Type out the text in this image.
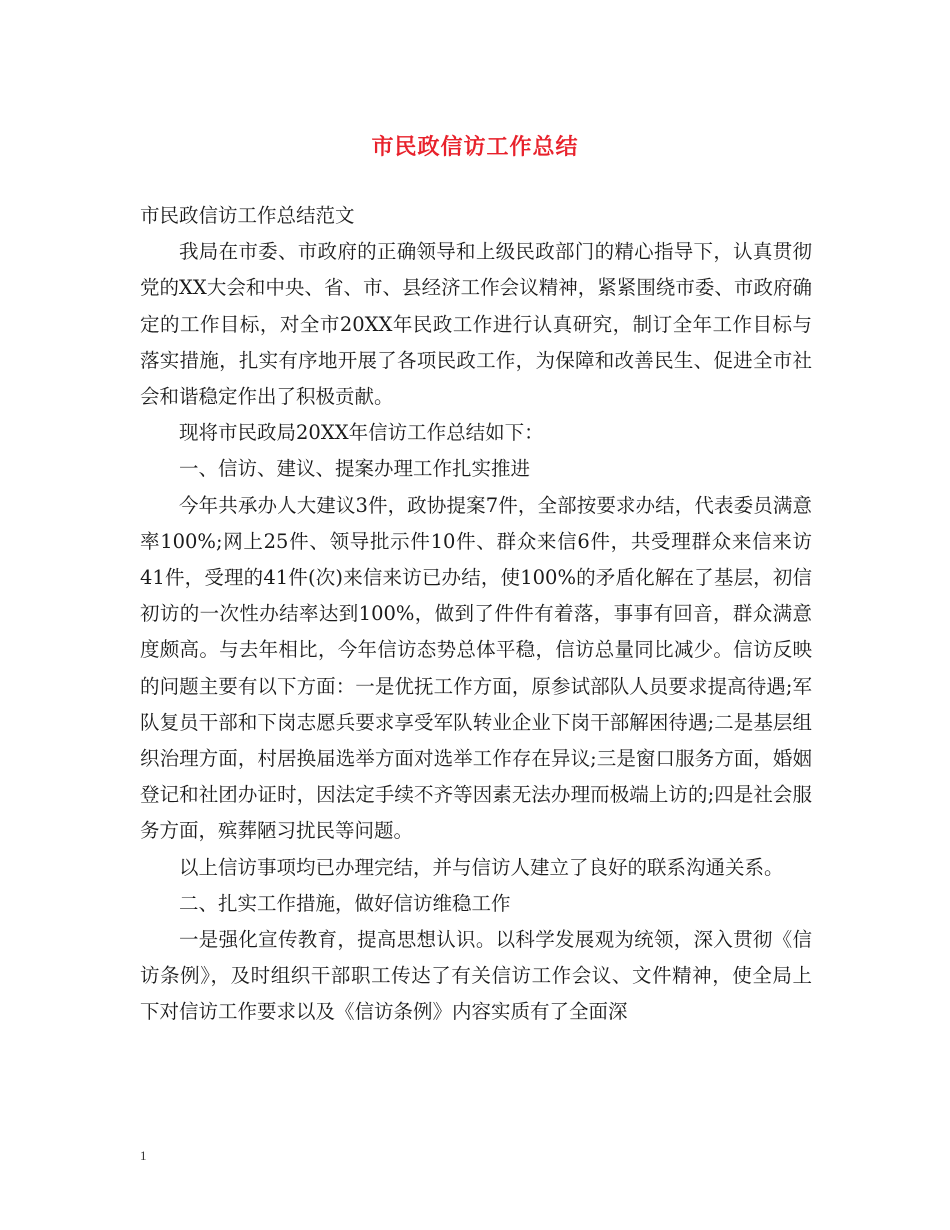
市民政信访工作总结

市民政信访工作总结范文

我局在市委、市政府的正确领导和上级民政部门的精心指导下，认真贯彻党的XX大会和中央、省、市、县经济工作会议精神，紧紧围绕市委、市政府确定的工作目标，对全市20XX年民政工作进行认真研究，制订全年工作目标与落实措施，扎实有序地开展了各项民政工作，为保障和改善民生、促进全市社会和谐稳定作出了积极贡献。

现将市民政局20XX年信访工作总结如下：

一、信访、建议、提案办理工作扎实推进

今年共承办人大建议3件，政协提案7件，全部按要求办结，代表委员满意率100%;网上25件、领导批示件10件、群众来信6件，共受理群众来信来访41件，受理的41件(次)来信来访已办结，使100%的矛盾化解在了基层，初信初访的一次性办结率达到100%，做到了件件有着落，事事有回音，群众满意度颇高。与去年相比，今年信访态势总体平稳，信访总量同比减少。信访反映的问题主要有以下方面：一是优抚工作方面，原参试部队人员要求提高待遇;军队复员干部和下岗志愿兵要求享受军队转业企业下岗干部解困待遇;二是基层组织治理方面，村居换届选举方面对选举工作存在异议;三是窗口服务方面，婚姻登记和社团办证时，因法定手续不齐等因素无法办理而极端上访的;四是社会服务方面，殡葬陋习扰民等问题。

以上信访事项均已办理完结，并与信访人建立了良好的联系沟通关系。

二、扎实工作措施，做好信访维稳工作

一是强化宣传教育，提高思想认识。以科学发展观为统领，深入贯彻《信访条例》，及时组织干部职工传达了有关信访工作会议、文件精神，使全局上下对信访工作要求以及《信访条例》内容实质有了全面深

1
